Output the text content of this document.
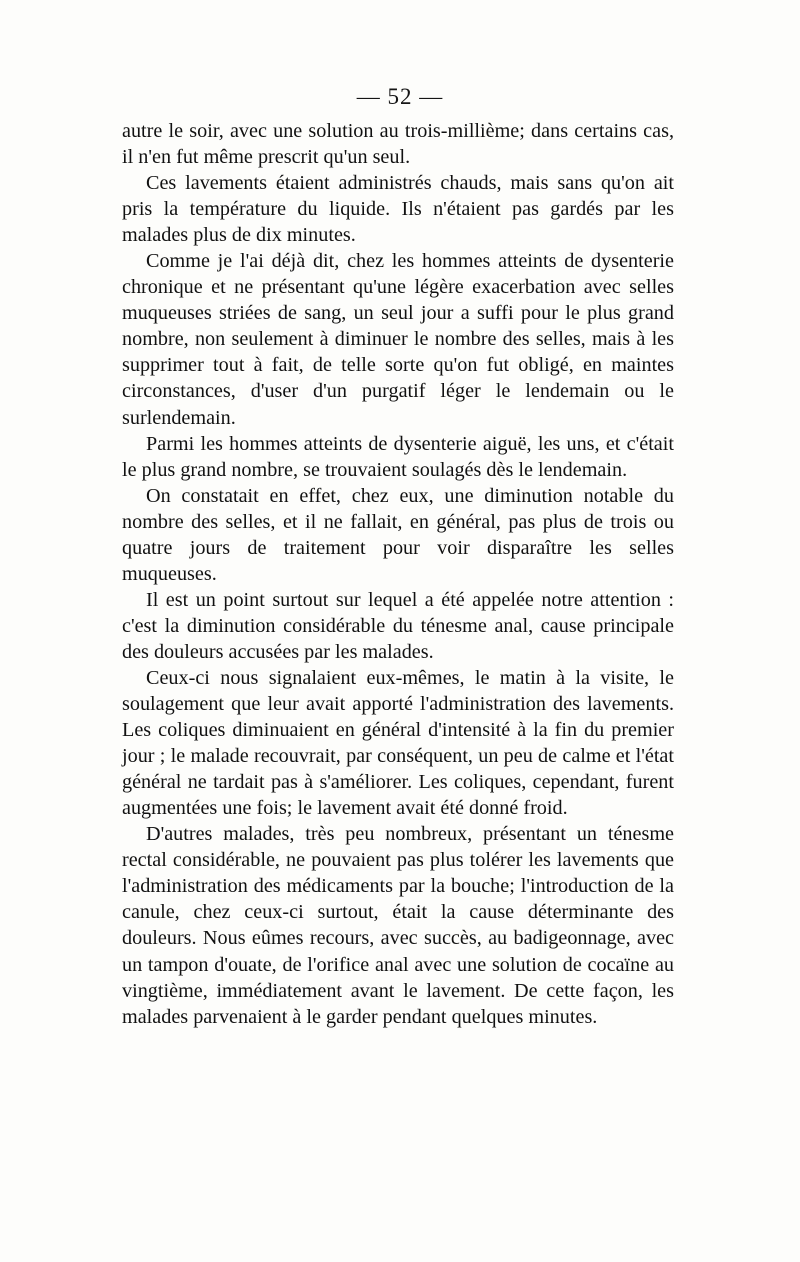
— 52 —

autre le soir, avec une solution au trois-millième; dans certains cas, il n'en fut même prescrit qu'un seul.

Ces lavements étaient administrés chauds, mais sans qu'on ait pris la température du liquide. Ils n'étaient pas gardés par les malades plus de dix minutes.

Comme je l'ai déjà dit, chez les hommes atteints de dysenterie chronique et ne présentant qu'une légère exacerbation avec selles muqueuses striées de sang, un seul jour a suffi pour le plus grand nombre, non seulement à diminuer le nombre des selles, mais à les supprimer tout à fait, de telle sorte qu'on fut obligé, en maintes circonstances, d'user d'un purgatif léger le lendemain ou le surlendemain.

Parmi les hommes atteints de dysenterie aiguë, les uns, et c'était le plus grand nombre, se trouvaient soulagés dès le lendemain.

On constatait en effet, chez eux, une diminution notable du nombre des selles, et il ne fallait, en général, pas plus de trois ou quatre jours de traitement pour voir disparaître les selles muqueuses.

Il est un point surtout sur lequel a été appelée notre attention : c'est la diminution considérable du ténesme anal, cause principale des douleurs accusées par les malades.

Ceux-ci nous signalaient eux-mêmes, le matin à la visite, le soulagement que leur avait apporté l'administration des lavements. Les coliques diminuaient en général d'intensité à la fin du premier jour ; le malade recouvrait, par conséquent, un peu de calme et l'état général ne tardait pas à s'améliorer. Les coliques, cependant, furent augmentées une fois; le lavement avait été donné froid.

D'autres malades, très peu nombreux, présentant un ténesme rectal considérable, ne pouvaient pas plus tolérer les lavements que l'administration des médicaments par la bouche; l'introduction de la canule, chez ceux-ci surtout, était la cause déterminante des douleurs. Nous eûmes recours, avec succès, au badigeonnage, avec un tampon d'ouate, de l'orifice anal avec une solution de cocaïne au vingtième, immédiatement avant le lavement. De cette façon, les malades parvenaient à le garder pendant quelques minutes.
